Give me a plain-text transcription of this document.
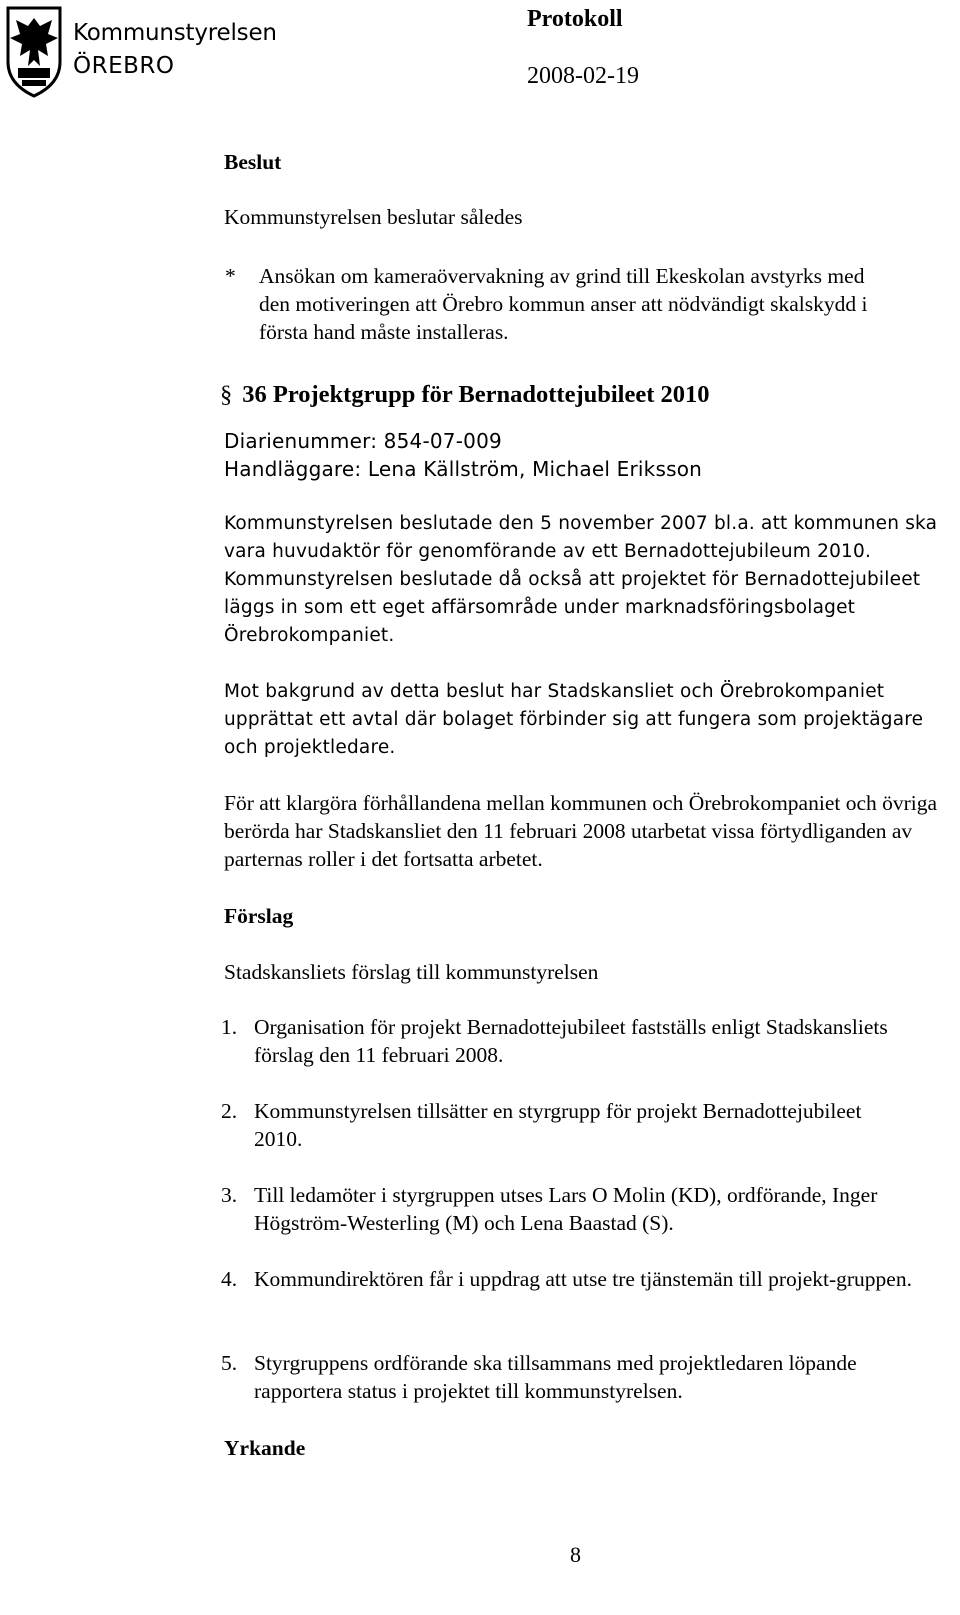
Kommunstyrelsen
ÖREBRO
Protokoll
2008-02-19
Beslut
Kommunstyrelsen beslutar således
* Ansökan om kameraövervakning av grind till Ekeskolan avstyrks med den motiveringen att Örebro kommun anser att nödvändigt skalskydd i första hand måste installeras.
§ 36 Projektgrupp för Bernadottejubileet 2010
Diarienummer: 854-07-009
Handläggare: Lena Källström, Michael Eriksson
Kommunstyrelsen beslutade den 5 november 2007 bl.a. att kommunen ska vara huvudaktör för genomförande av ett Bernadottejubileum 2010. Kommunstyrelsen beslutade då också att projektet för Bernadottejubileet läggs in som ett eget affärsområde under marknadsföringsbolaget Örebrokompaniet.
Mot bakgrund av detta beslut har Stadskansliet och Örebrokompaniet upprättat ett avtal där bolaget förbinder sig att fungera som projektägare och projektledare.
För att klargöra förhållandena mellan kommunen och Örebrokompaniet och övriga berörda har Stadskansliet den 11 februari 2008 utarbetat vissa förtydliganden av parternas roller i det fortsatta arbetet.
Förslag
Stadskansliets förslag till kommunstyrelsen
1. Organisation för projekt Bernadottejubileet fastställs enligt Stadskansliets förslag den 11 februari 2008.
2. Kommunstyrelsen tillsätter en styrgrupp för projekt Bernadottejubileet 2010.
3. Till ledamöter i styrgruppen utses Lars O Molin (KD), ordförande, Inger Högström-Westerling (M) och Lena Baastad (S).
4. Kommundirektören får i uppdrag att utse tre tjänstemän till projekt-gruppen.
5. Styrgruppens ordförande ska tillsammans med projektledaren löpande rapportera status i projektet till kommunstyrelsen.
Yrkande
8
